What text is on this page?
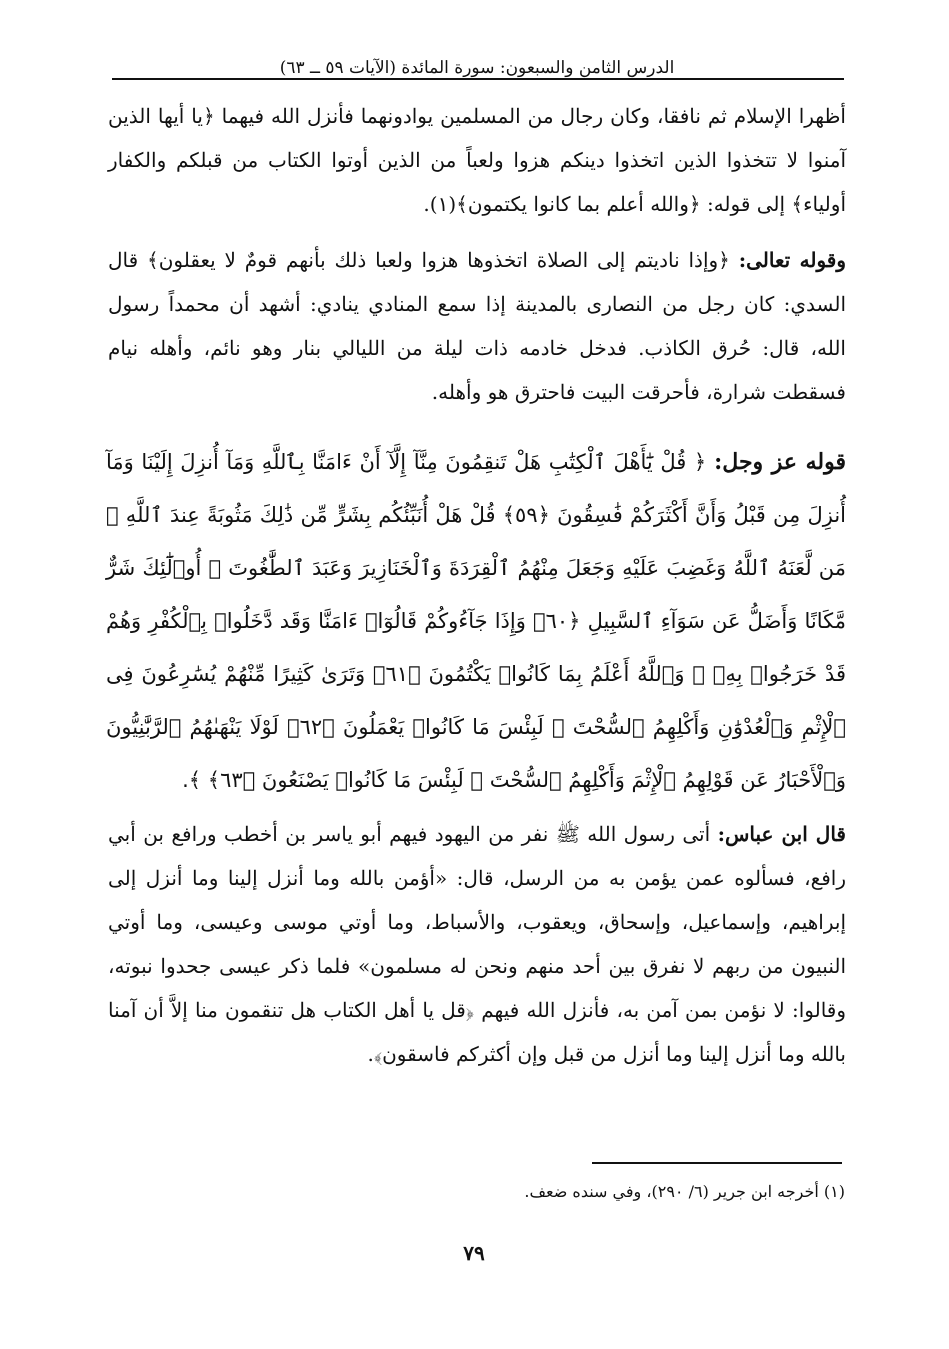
الدرس الثامن والسبعون: سورة المائدة (الآيات ٥٩ ــ ٦٣)

أظهرا الإسلام ثم نافقا، وكان رجال من المسلمين يوادونهما فأنزل الله فيهما ﴿يا أيها الذين آمنوا لا تتخذوا الذين اتخذوا دينكم هزوا ولعباً من الذين أوتوا الكتاب من قبلكم والكفار أولياء﴾ إلى قوله: ﴿والله أعلم بما كانوا يكتمون﴾(١).

وقوله تعالى: ﴿وإذا ناديتم إلى الصلاة اتخذوها هزوا ولعبا ذلك بأنهم قومٌ لا يعقلون﴾ قال السدي: كان رجل من النصارى بالمدينة إذا سمع المنادي ينادي: أشهد أن محمداً رسول الله، قال: حُرق الكاذب. فدخل خادمه ذات ليلة من الليالي بنار وهو نائم، وأهله نيام فسقطت شرارة، فأحرقت البيت فاحترق هو وأهله.

قوله عز وجل: ﴿ قُلْ يَٰٓأَهْلَ ٱلْكِتَٰبِ هَلْ تَنقِمُونَ مِنَّآ إِلَّآ أَنْ ءَامَنَّا بِٱللَّهِ وَمَآ أُنزِلَ إِلَيْنَا وَمَآ أُنزِلَ مِن قَبْلُ وَأَنَّ أَكْثَرَكُمْ فَٰسِقُونَ ﴿٥٩﴾ قُلْ هَلْ أُنَبِّئُكُم بِشَرٍّ مِّن ذَٰلِكَ مَثُوبَةً عِندَ ٱللَّهِ ۚ مَن لَّعَنَهُ ٱللَّهُ وَغَضِبَ عَلَيْهِ وَجَعَلَ مِنْهُمُ ٱلْقِرَدَةَ وَٱلْخَنَازِيرَ وَعَبَدَ ٱلطَّٰغُوتَ ۚ أُو۟لَٰٓئِكَ شَرٌّ مَّكَانًا وَأَضَلُّ عَن سَوَآءِ ٱلسَّبِيلِ ﴿٦٠﴾ وَإِذَا جَآءُوكُمْ قَالُوٓا۟ ءَامَنَّا وَقَد دَّخَلُوا۟ بِٱلْكُفْرِ وَهُمْ قَدْ خَرَجُوا۟ بِهِۦ ۚ وَٱللَّهُ أَعْلَمُ بِمَا كَانُوا۟ يَكْتُمُونَ ﴿٦١﴾ وَتَرَىٰ كَثِيرًا مِّنْهُمْ يُسَٰرِعُونَ فِى ٱلْإِثْمِ وَٱلْعُدْوَٰنِ وَأَكْلِهِمُ ٱلسُّحْتَ ۚ لَبِئْسَ مَا كَانُوا۟ يَعْمَلُونَ ﴿٦٢﴾ لَوْلَا يَنْهَىٰهُمُ ٱلرَّبَّٰنِيُّونَ وَٱلْأَحْبَارُ عَن قَوْلِهِمُ ٱلْإِثْمَ وَأَكْلِهِمُ ٱلسُّحْتَ ۚ لَبِئْسَ مَا كَانُوا۟ يَصْنَعُونَ ﴿٦٣﴾ ﴾.

قال ابن عباس: أتى رسول الله ﷺ نفر من اليهود فيهم أبو ياسر بن أخطب ورافع بن أبي رافع، فسألوه عمن يؤمن به من الرسل، قال: «أؤمن بالله وما أنزل إلينا وما أنزل إلى إبراهيم، وإسماعيل، وإسحاق، ويعقوب، والأسباط، وما أوتي موسى وعيسى، وما أوتي النبيون من ربهم لا نفرق بين أحد منهم ونحن له مسلمون» فلما ذكر عيسى جحدوا نبوته، وقالوا: لا نؤمن بمن آمن به، فأنزل الله فيهم ﴿قل يا أهل الكتاب هل تنقمون منا إلاَّ أن آمنا بالله وما أنزل إلينا وما أنزل من قبل وإن أكثركم فاسقون﴾.

(١) أخرجه ابن جرير (٦/ ٢٩٠)، وفي سنده ضعف.
٧٩
